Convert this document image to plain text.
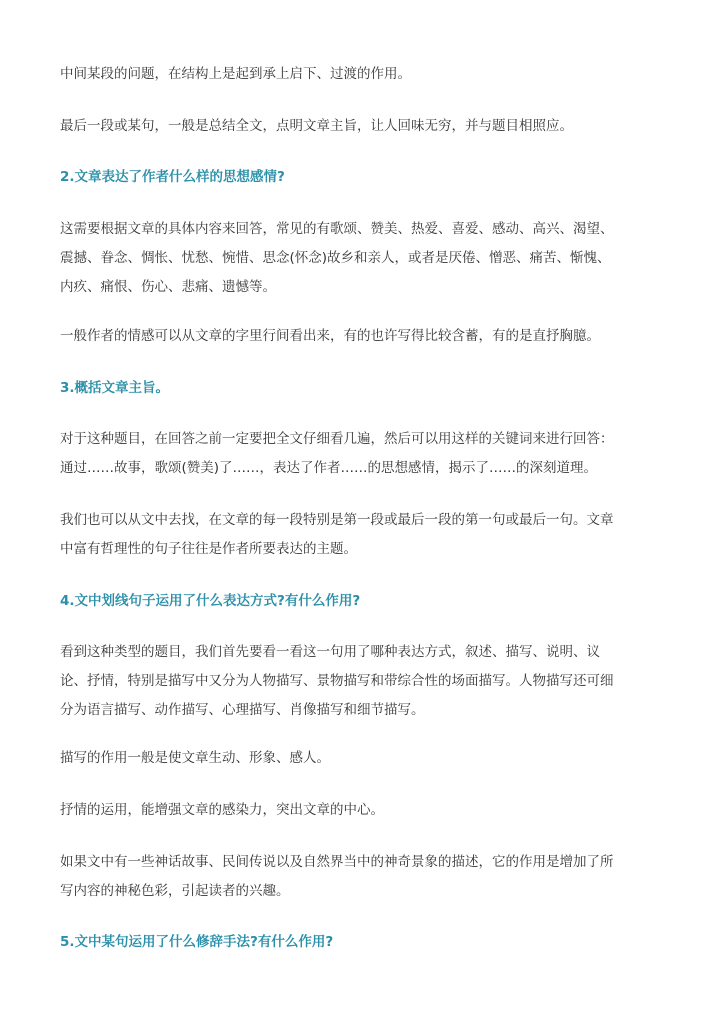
中间某段的问题，在结构上是起到承上启下、过渡的作用。

最后一段或某句，一般是总结全文，点明文章主旨，让人回味无穷，并与题目相照应。

2.文章表达了作者什么样的思想感情?

这需要根据文章的具体内容来回答，常见的有歌颂、赞美、热爱、喜爱、感动、高兴、渴望、
震撼、眷念、惆怅、忧愁、惋惜、思念(怀念)故乡和亲人，或者是厌倦、憎恶、痛苦、惭愧、
内疚、痛恨、伤心、悲痛、遗憾等。

一般作者的情感可以从文章的字里行间看出来，有的也许写得比较含蓄，有的是直抒胸臆。

3.概括文章主旨。

对于这种题目，在回答之前一定要把全文仔细看几遍，然后可以用这样的关键词来进行回答：
通过……故事，歌颂(赞美)了……，表达了作者……的思想感情，揭示了……的深刻道理。

我们也可以从文中去找，在文章的每一段特别是第一段或最后一段的第一句或最后一句。文章
中富有哲理性的句子往往是作者所要表达的主题。

4.文中划线句子运用了什么表达方式?有什么作用?

看到这种类型的题目，我们首先要看一看这一句用了哪种表达方式，叙述、描写、说明、议
论、抒情，特别是描写中又分为人物描写、景物描写和带综合性的场面描写。人物描写还可细
分为语言描写、动作描写、心理描写、肖像描写和细节描写。

描写的作用一般是使文章生动、形象、感人。

抒情的运用，能增强文章的感染力，突出文章的中心。

如果文中有一些神话故事、民间传说以及自然界当中的神奇景象的描述，它的作用是增加了所
写内容的神秘色彩，引起读者的兴趣。

5.文中某句运用了什么修辞手法?有什么作用?
